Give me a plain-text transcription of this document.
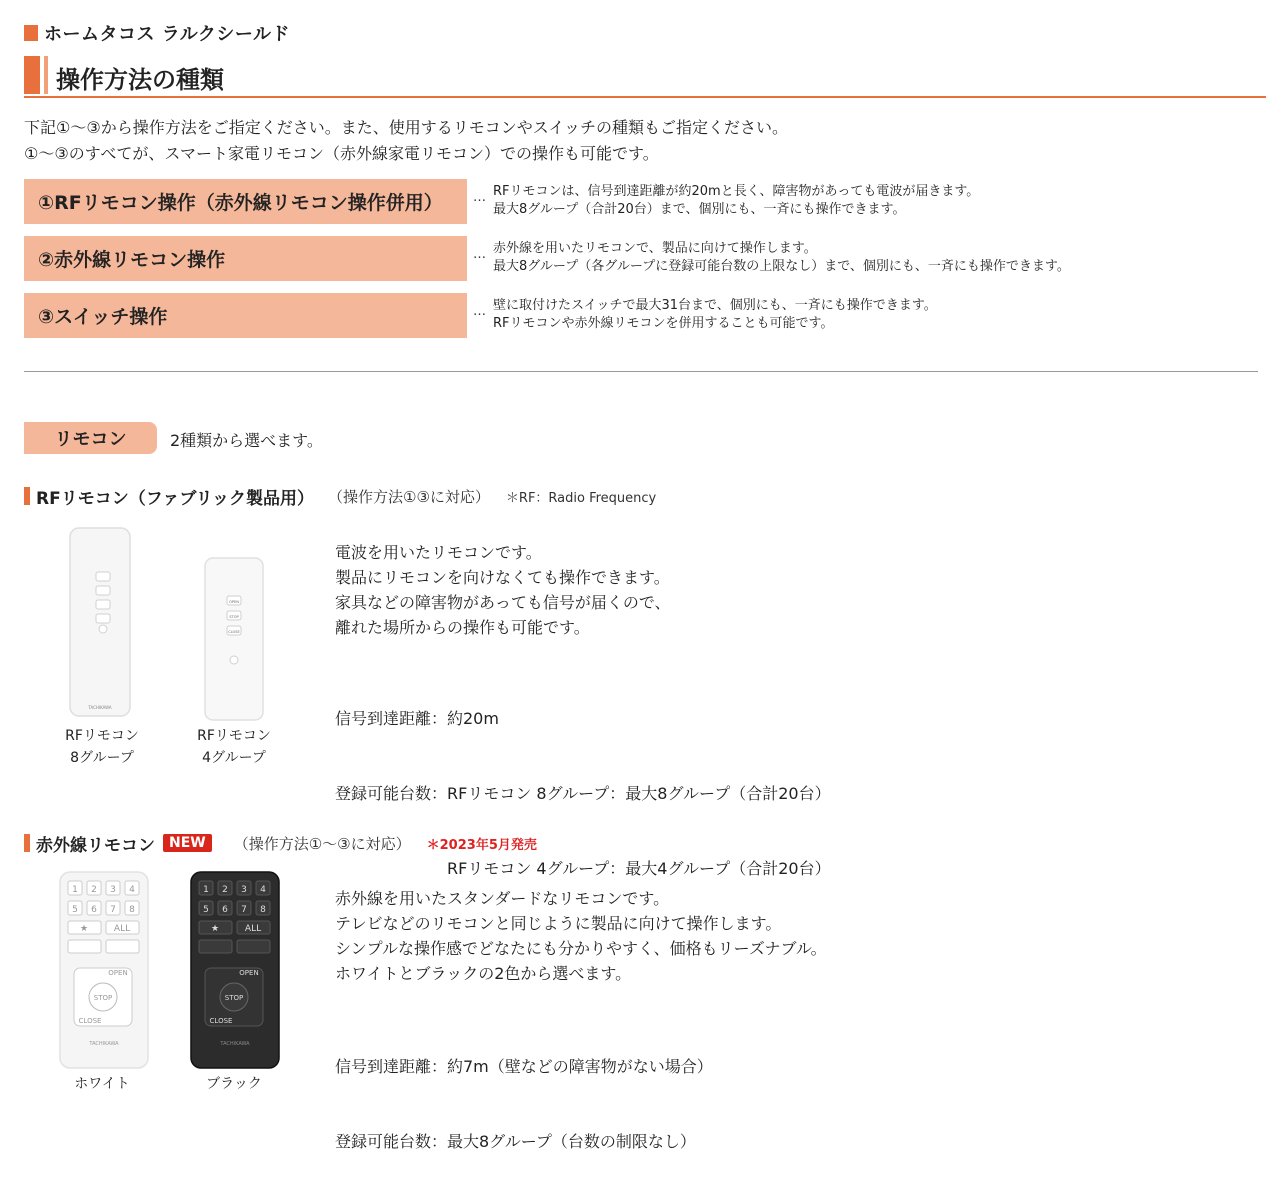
ホームタコス ラルクシールド
操作方法の種類
下記①～③から操作方法をご指定ください。また、使用するリモコンやスイッチの種類もご指定ください。
①～③のすべてが、スマート家電リモコン（赤外線家電リモコン）での操作も可能です。
①RFリモコン操作（赤外線リモコン操作併用） … RFリモコンは、信号到達距離が約20mと長く、障害物があっても電波が届きます。
最大8グループ（合計20台）まで、個別にも、一斉にも操作できます。
②赤外線リモコン操作	… 赤外線を用いたリモコンで、製品に向けて操作します。
最大8グループ（各グループに登録可能台数の上限なし）まで、個別にも、一斉にも操作できます。
③スイッチ操作	… 壁に取付けたスイッチで最大31台まで、個別にも、一斉にも操作できます。
RFリモコンや赤外線リモコンを併用することも可能です。
リモコン	2種類から選べます。
RFリモコン（ファブリック製品用） （操作方法①③に対応） ＊RF：Radio Frequency
TACHIKAWA
OPEN
STOP
CLOSE
RFリモコン
8グループ
RFリモコン
4グループ
電波を用いたリモコンです。
製品にリモコンを向けなくても操作できます。
家具などの障害物があっても信号が届くので、
離れた場所からの操作も可能です。

信号到達距離：約20m

登録可能台数：RFリモコン 8グループ：最大8グループ（合計20台）

　　　　　　　RFリモコン 4グループ：最大4グループ（合計20台）

赤外線リモコン	NEW	（操作方法①～③に対応） ＊2023年5月発売
1 2 3 4
5 6 7 8
★	ALL
OPEN
STOP
CLOSE
TACHIKAWA
1 2 3 4
5 6 7 8
★	ALL
OPEN
STOP
CLOSE
TACHIKAWA
ホワイト	ブラック
赤外線を用いたスタンダードなリモコンです。
テレビなどのリモコンと同じように製品に向けて操作します。
シンプルな操作感でどなたにも分かりやすく、価格もリーズナブル。
ホワイトとブラックの2色から選べます。

信号到達距離：約7m（壁などの障害物がない場合）

登録可能台数：最大8グループ（台数の制限なし）
